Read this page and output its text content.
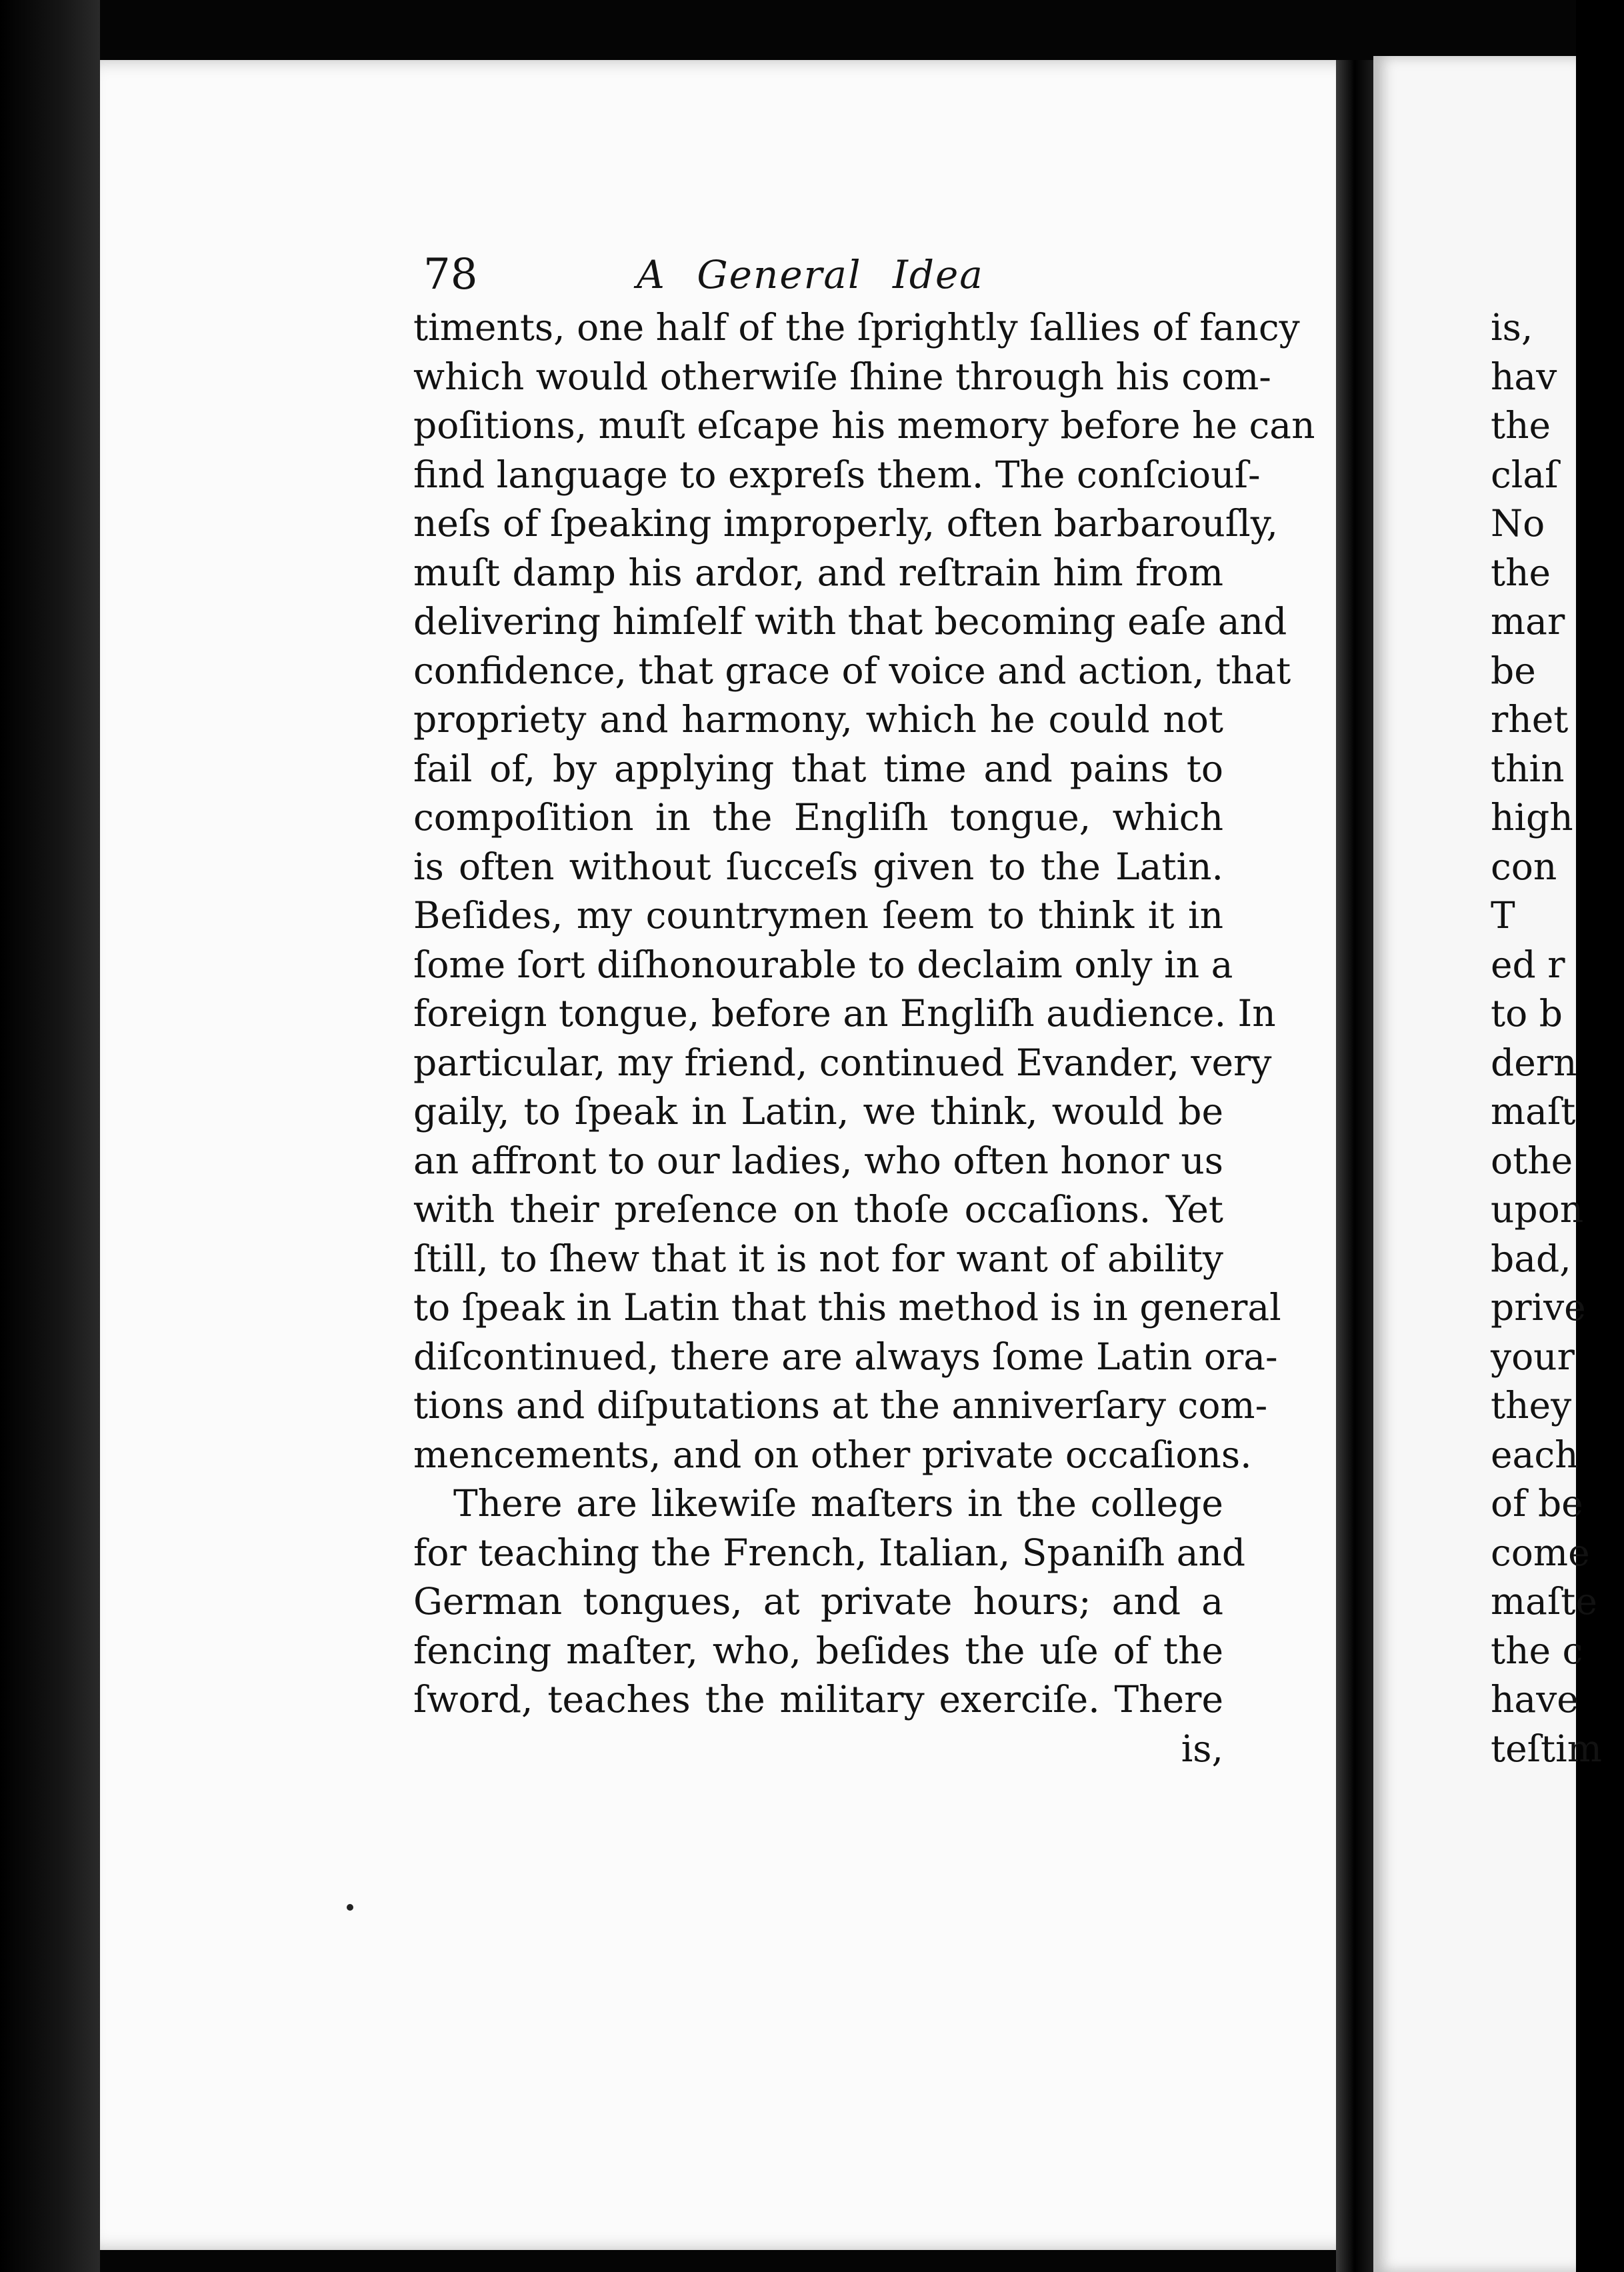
78	A General Idea
timents, one half of the ſprightly ſallies of fancy
which would otherwiſe ſhine through his com-
poſitions, muſt eſcape his memory before he can
find language to expreſs them. The conſciouſ-
neſs of ſpeaking improperly, often barbarouſly,
muſt damp his ardor, and reſtrain him from
delivering himſelf with that becoming eaſe and
confidence, that grace of voice and action, that
propriety and harmony, which he could not
fail of, by applying that time and pains to
compoſition in the Engliſh tongue, which
is often without ſucceſs given to the Latin.
Beſides, my countrymen ſeem to think it in
ſome ſort diſhonourable to declaim only in a
foreign tongue, before an Engliſh audience. In
particular, my friend, continued Evander, very
gaily, to ſpeak in Latin, we think, would be
an affront to our ladies, who often honor us
with their preſence on thoſe occaſions. Yet
ſtill, to ſhew that it is not for want of ability
to ſpeak in Latin that this method is in general
diſcontinued, there are always ſome Latin ora-
tions and diſputations at the anniverſary com-
mencements, and on other private occaſions.
There are likewiſe maſters in the college
for teaching the French, Italian, Spaniſh and
German tongues, at private hours; and a
fencing maſter, who, beſides the uſe of the
ſword, teaches the military exerciſe. There
is,
is,
hav
the
claſ
No
the
mar
be
rhet
thin
high
con
T
ed r
to b
dern
maſt
othe
upon
bad,
prive
your
they
each
of be
come
maſte
the c
have
teſtim
